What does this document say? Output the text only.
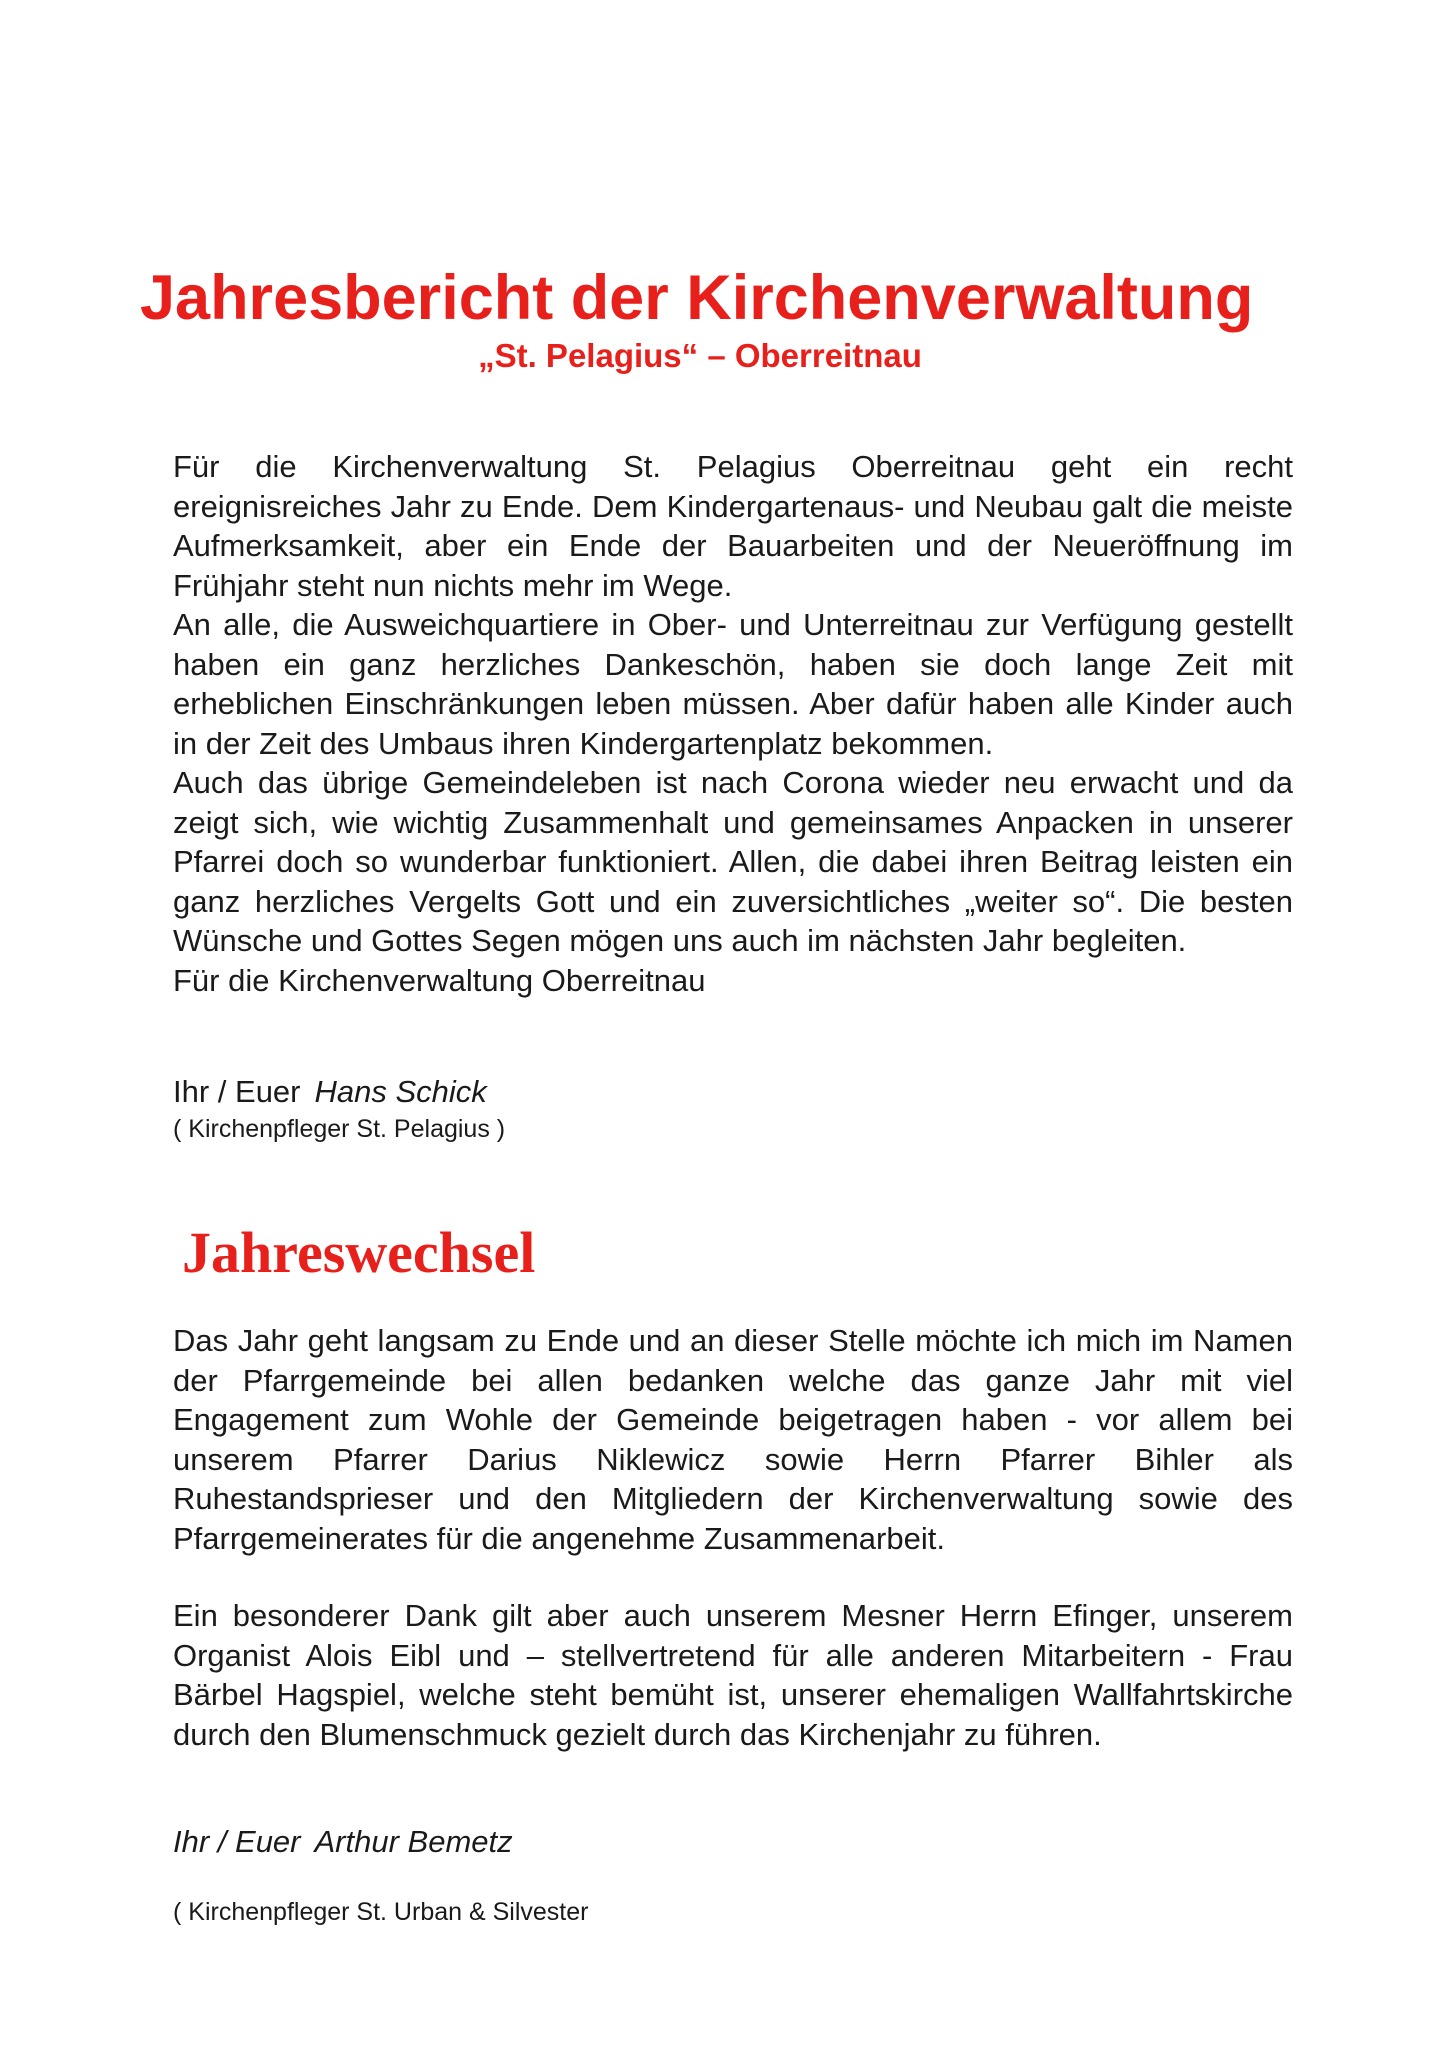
Jahresbericht der Kirchenverwaltung
„St. Pelagius“ – Oberreitnau

Für die Kirchenverwaltung St. Pelagius Oberreitnau geht ein recht ereignisreiches Jahr zu Ende. Dem Kindergartenaus- und Neubau galt die meiste Aufmerksamkeit, aber ein Ende der Bauarbeiten und der Neueröffnung im Frühjahr steht nun nichts mehr im Wege.

An alle, die Ausweichquartiere in Ober- und Unterreitnau zur Verfügung gestellt haben ein ganz herzliches Dankeschön, haben sie doch lange Zeit mit erheblichen Einschränkungen leben müssen. Aber dafür haben alle Kinder auch in der Zeit des Umbaus ihren Kindergartenplatz bekommen.

Auch das übrige Gemeindeleben ist nach Corona wieder neu erwacht und da zeigt sich, wie wichtig Zusammenhalt und gemeinsames Anpacken in unserer Pfarrei doch so wunderbar funktioniert. Allen, die dabei ihren Beitrag leisten ein ganz herzliches Vergelts Gott und ein zuversichtliches „weiter so“. Die besten Wünsche und Gottes Segen mögen uns auch im nächsten Jahr begleiten.

Für die Kirchenverwaltung Oberreitnau

Ihr / Euer Hans Schick
( Kirchenpfleger St. Pelagius )
Jahreswechsel

Das Jahr geht langsam zu Ende und an dieser Stelle möchte ich mich im Namen der Pfarrgemeinde bei allen bedanken welche das ganze Jahr mit viel Engagement zum Wohle der Gemeinde beigetragen haben - vor allem bei unserem Pfarrer Darius Niklewicz sowie Herrn Pfarrer Bihler als Ruhestandsprieser und den Mitgliedern der Kirchenverwaltung sowie des Pfarrgemeinerates für die angenehme Zusammenarbeit.

Ein besonderer Dank gilt aber auch unserem Mesner Herrn Efinger, unserem Organist Alois Eibl und – stellvertretend für alle anderen Mitarbeitern - Frau Bärbel Hagspiel, welche steht bemüht ist, unserer ehemaligen Wallfahrtskirche durch den Blumenschmuck gezielt durch das Kirchenjahr zu führen.

Ihr / Euer Arthur Bemetz
( Kirchenpfleger St. Urban & Silvester
